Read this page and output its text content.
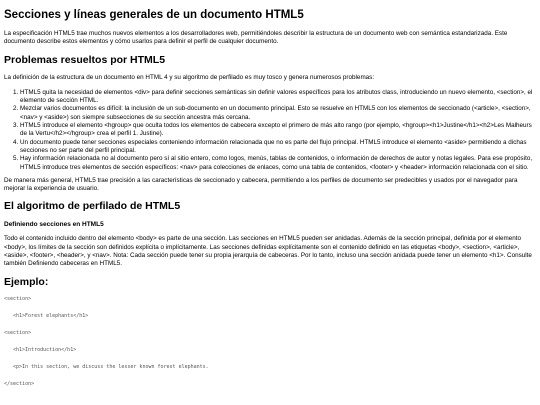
Secciones y líneas generales de un documento HTML5

La especificación HTML5 trae muchos nuevos elementos a los desarrolladores web, permitiéndoles describir la estructura de un documento web con semántica estandarizada. Este documento describe estos elementos y cómo usarlos para definir el perfil de cualquier documento.

Problemas resueltos por HTML5

La definición de la estructura de un documento en HTML 4 y su algoritmo de perfilado es muy tosco y genera numerosos problemas:

1. HTML5 quita la necesidad de elementos <div> para definir secciones semánticas sin definir valores específicos para los atributos class, introduciendo un nuevo elemento, <section>, el elemento de sección HTML.
2. Mezclar varios documentos es difícil: la inclusión de un sub-documento en un documento principal. Esto se resuelve en HTML5 con los elementos de seccionado (<article>, <section>, <nav> y <aside>) son siempre subsecciones de su sección ancestra más cercana.
3. HTML5 introduce el elemento <hgroup> que oculta todos los elementos de cabecera excepto el primero de más alto rango (por ejemplo, <hgroup><h1>Justine</h1><h2>Les Malheurs de la Vertu</h2></hgroup> crea el perfil 1. Justine).
4. Un documento puede tener secciones especiales conteniendo información relacionada que no es parte del flujo principal. HTML5 introduce el elemento <aside> permitiendo a dichas secciones no ser parte del perfil principal.
5. Hay información relacionada no al documento pero sí al sitio entero, como logos, menús, tablas de contenidos, o información de derechos de autor y notas legales. Para ese propósito, HTML5 introduce tres elementos de sección específicos: <nav> para colecciones de enlaces, como una tabla de contenidos, <footer> y <header> información relacionada con el sitio.

De manera más general, HTML5 trae precisión a las características de seccionado y cabecera, permitiendo a los perfiles de documento ser predecibles y usados por el navegador para mejorar la experiencia de usuario.

El algoritmo de perfilado de HTML5
Definiendo secciones en HTML5

Todo el contenido incluido dentro del elemento <body> es parte de una sección. Las secciones en HTML5 pueden ser anidadas. Además de la sección principal, definida por el elemento <body>, los límites de la sección son definidos explícita o implícitamente. Las secciones definidas explícitamente son el contenido definido en las etiquetas <body>, <section>, <article>, <aside>, <footer>, <header>, y <nav>. Nota: Cada sección puede tener su propia jerarquía de cabeceras. Por lo tanto, incluso una sección anidada puede tener un elemento <h1>. Consulte también Definiendo cabeceras en HTML5.

Ejemplo:
<section>
<h1>Forest elephants</h1>
<section>
<h1>Introduction</h1>
<p>In this section, we discuss the lesser known forest elephants.
</section>
